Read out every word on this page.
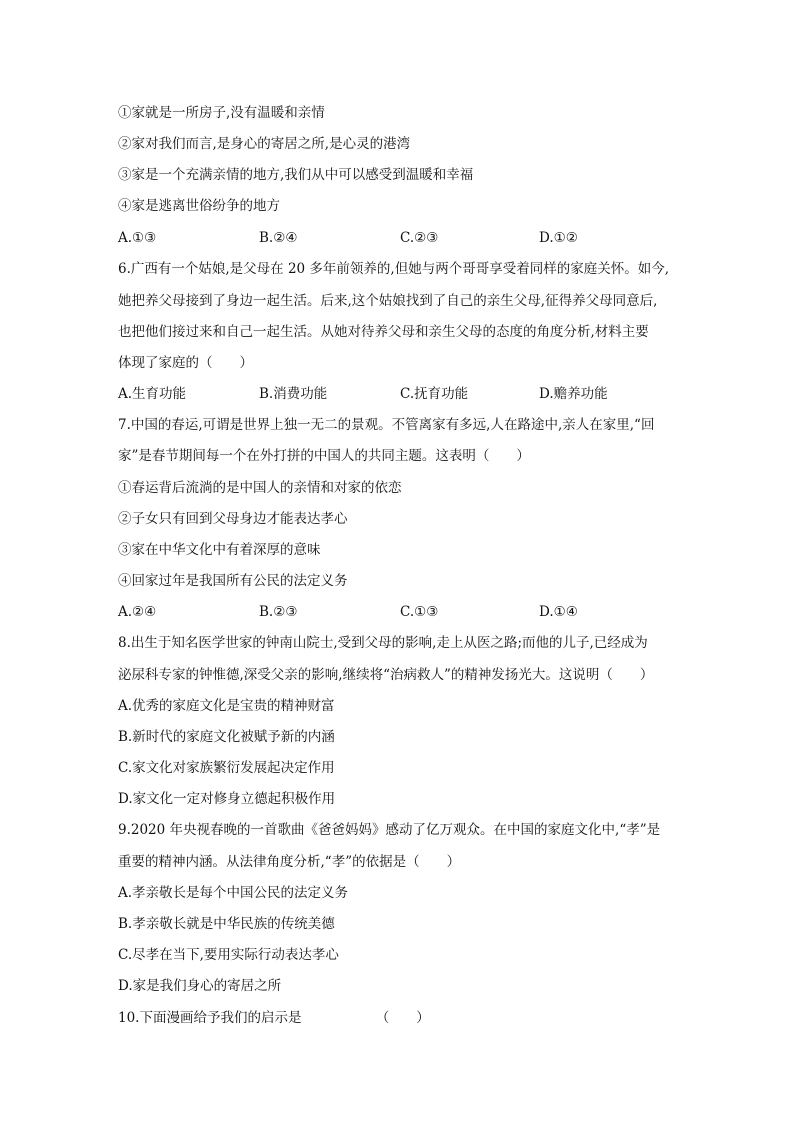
①家就是一所房子,没有温暖和亲情
②家对我们而言,是身心的寄居之所,是心灵的港湾
③家是一个充满亲情的地方,我们从中可以感受到温暖和幸福
④家是逃离世俗纷争的地方
A.①③	B.②④	C.②③	D.①②
6.广西有一个姑娘,是父母在 20 多年前领养的,但她与两个哥哥享受着同样的家庭关怀。如今,
她把养父母接到了身边一起生活。后来,这个姑娘找到了自己的亲生父母,征得养父母同意后,
也把他们接过来和自己一起生活。从她对待养父母和亲生父母的态度的角度分析,材料主要
体现了家庭的（　　）
A.生育功能	B.消费功能	C.抚育功能	D.赡养功能
7.中国的春运,可谓是世界上独一无二的景观。不管离家有多远,人在路途中,亲人在家里,“回
家”是春节期间每一个在外打拼的中国人的共同主题。这表明（　　）
①春运背后流淌的是中国人的亲情和对家的依恋
②子女只有回到父母身边才能表达孝心
③家在中华文化中有着深厚的意味
④回家过年是我国所有公民的法定义务
A.②④	B.②③	C.①③	D.①④
8.出生于知名医学世家的钟南山院士,受到父母的影响,走上从医之路;而他的儿子,已经成为
泌尿科专家的钟惟德,深受父亲的影响,继续将“治病救人”的精神发扬光大。这说明（　　）
A.优秀的家庭文化是宝贵的精神财富
B.新时代的家庭文化被赋予新的内涵
C.家文化对家族繁衍发展起决定作用
D.家文化一定对修身立德起积极作用
9.2020 年央视春晚的一首歌曲《爸爸妈妈》感动了亿万观众。在中国的家庭文化中,“孝”是
重要的精神内涵。从法律角度分析,“孝”的依据是（　　）
A.孝亲敬长是每个中国公民的法定义务
B.孝亲敬长就是中华民族的传统美德
C.尽孝在当下,要用实际行动表达孝心
D.家是我们身心的寄居之所
10.下面漫画给予我们的启示是　　　　　　（　　）
